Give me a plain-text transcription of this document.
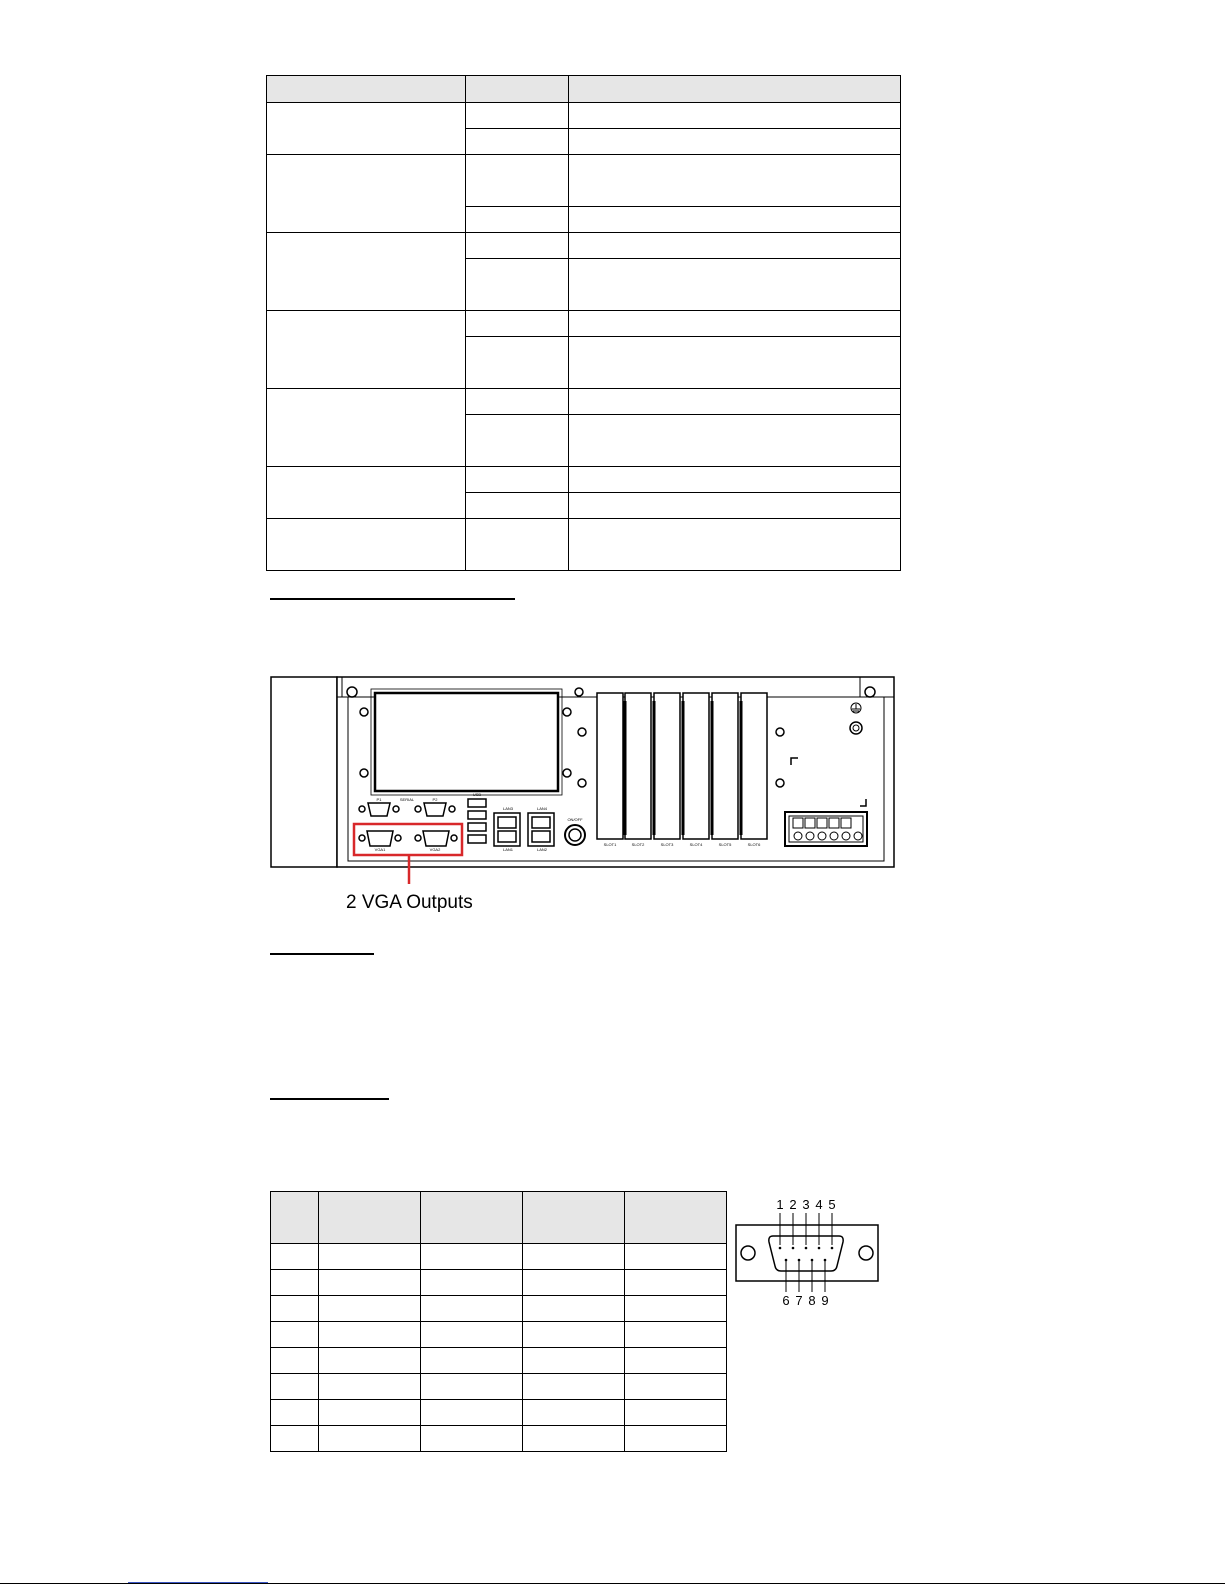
SLOT1	SLOT2	SLOT3	SLOT4	SLOT5	SLOT6
P1	SERIAL	P2
VGA1	VGA2
USB
LAN3	LAN4
LAN1	LAN2
ON/OFF
2 VGA Outputs

1 2 3 4 5
6 7 8 9
